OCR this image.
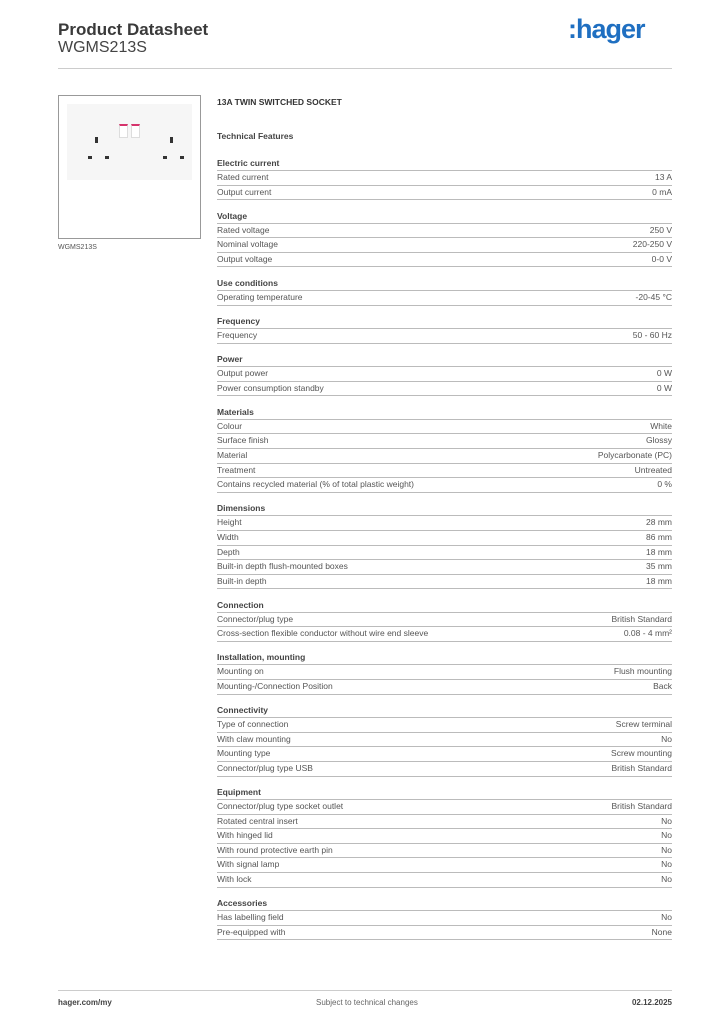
Product Datasheet
WGMS213S
:hager
WGMS213S
13A TWIN SWITCHED SOCKET
Technical Features
Electric current
Rated current	13 A
Output current	0 mA
Voltage
Rated voltage	250 V
Nominal voltage	220-250 V
Output voltage	0-0 V
Use conditions
Operating temperature	-20-45 °C
Frequency
Frequency	50 - 60 Hz
Power
Output power	0 W
Power consumption standby	0 W
Materials
Colour	White
Surface finish	Glossy
Material	Polycarbonate (PC)
Treatment	Untreated
Contains recycled material (% of total plastic weight)	0 %
Dimensions
Height	28 mm
Width	86 mm
Depth	18 mm
Built-in depth flush-mounted boxes	35 mm
Built-in depth	18 mm
Connection
Connector/plug type	British Standard
Cross-section flexible conductor without wire end sleeve	0.08 - 4 mm²
Installation, mounting
Mounting on	Flush mounting
Mounting-/Connection Position	Back
Connectivity
Type of connection	Screw terminal
With claw mounting	No
Mounting type	Screw mounting
Connector/plug type USB	British Standard
Equipment
Connector/plug type socket outlet	British Standard
Rotated central insert	No
With hinged lid	No
With round protective earth pin	No
With signal lamp	No
With lock	No
Accessories
Has labelling field	No
Pre-equipped with	None
hager.com/my	Subject to technical changes	02.12.2025
